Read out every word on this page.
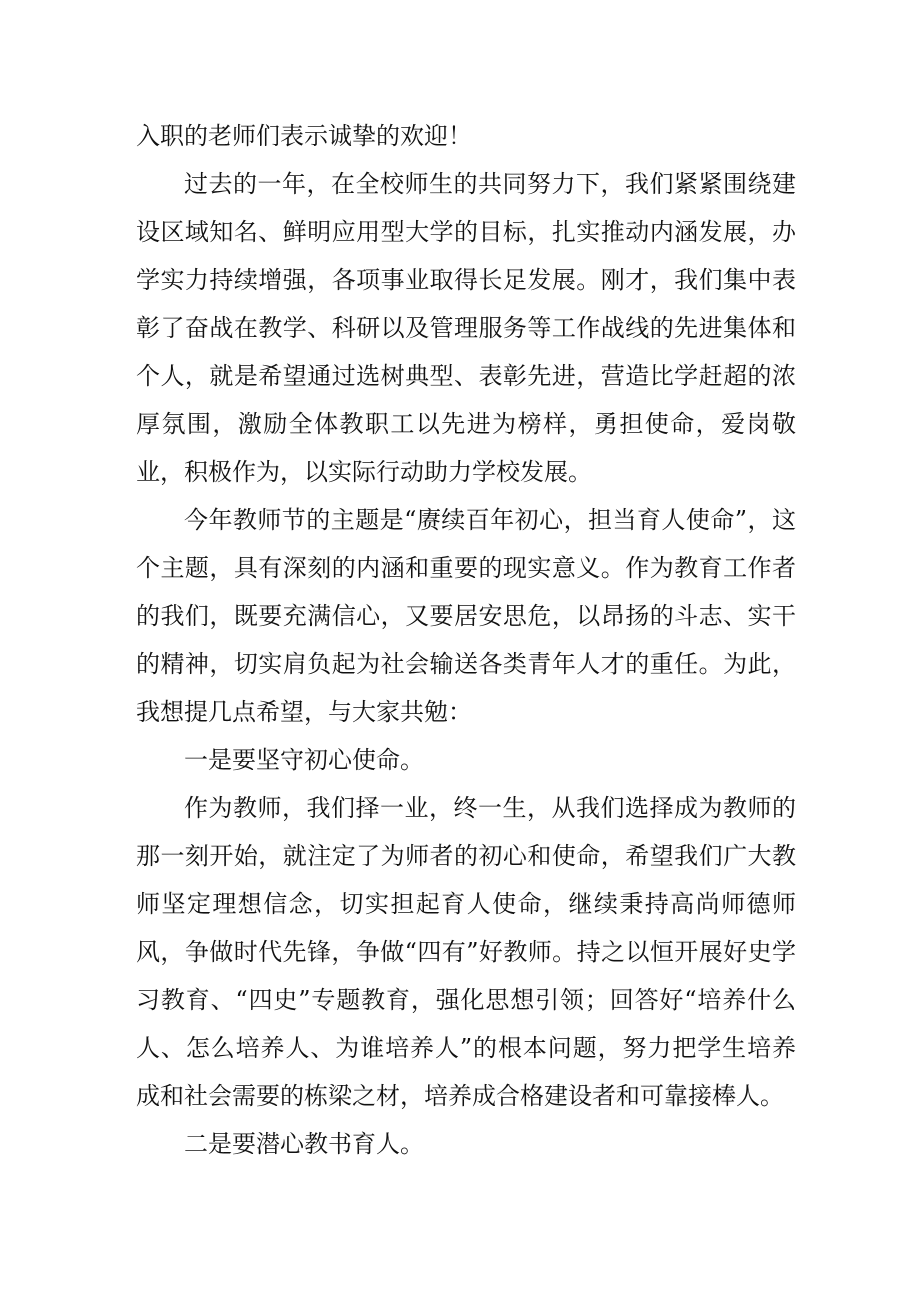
入职的老师们表示诚挚的欢迎！

过去的一年，在全校师生的共同努力下，我们紧紧围绕建设区域知名、鲜明应用型大学的目标，扎实推动内涵发展，办学实力持续增强，各项事业取得长足发展。刚才，我们集中表彰了奋战在教学、科研以及管理服务等工作战线的先进集体和个人，就是希望通过选树典型、表彰先进，营造比学赶超的浓厚氛围，激励全体教职工以先进为榜样，勇担使命，爱岗敬业，积极作为，以实际行动助力学校发展。

今年教师节的主题是“赓续百年初心，担当育人使命”，这个主题，具有深刻的内涵和重要的现实意义。作为教育工作者的我们，既要充满信心，又要居安思危，以昂扬的斗志、实干的精神，切实肩负起为社会输送各类青年人才的重任。为此，我想提几点希望，与大家共勉：

一是要坚守初心使命。

作为教师，我们择一业，终一生，从我们选择成为教师的那一刻开始，就注定了为师者的初心和使命，希望我们广大教师坚定理想信念，切实担起育人使命，继续秉持高尚师德师风，争做时代先锋，争做“四有”好教师。持之以恒开展好史学习教育、“四史”专题教育，强化思想引领；回答好“培养什么人、怎么培养人、为谁培养人”的根本问题，努力把学生培养成和社会需要的栋梁之材，培养成合格建设者和可靠接棒人。

二是要潜心教书育人。
